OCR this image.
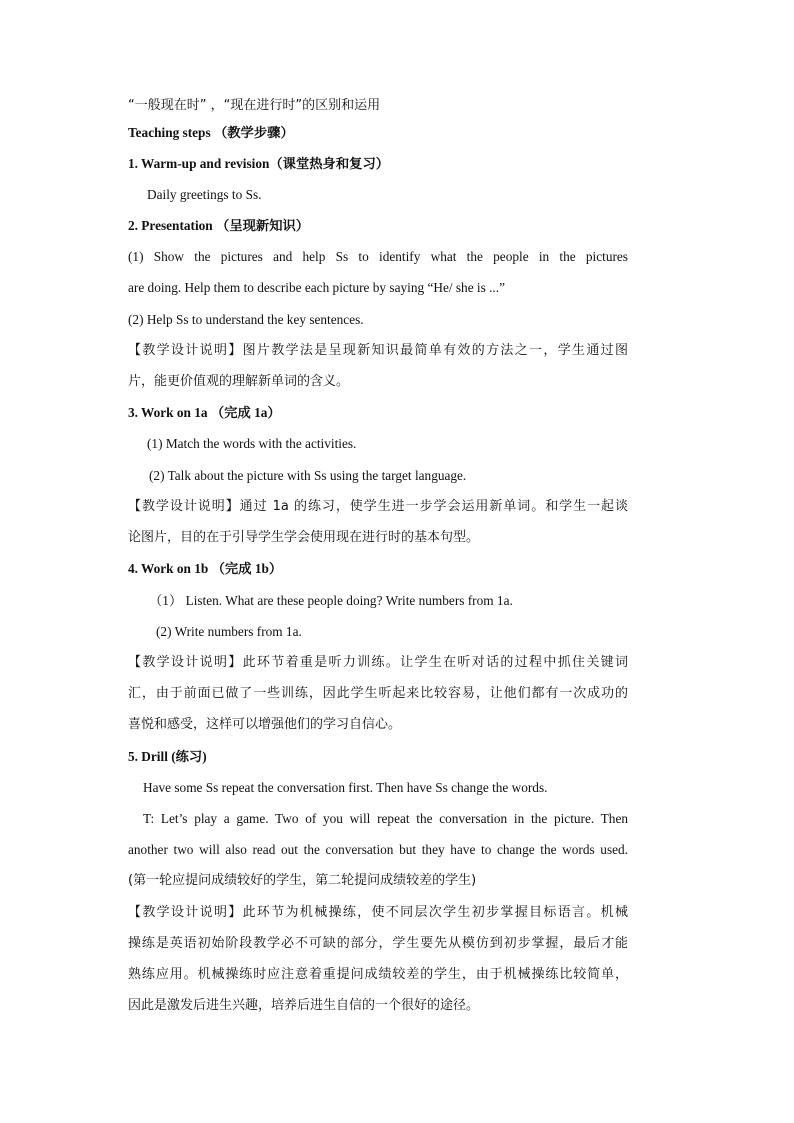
“一般现在时” ，“现在进行时”的区别和运用
Teaching steps （教学步骤）
1. Warm-up and revision（课堂热身和复习）
Daily greetings to Ss.
2. Presentation （呈现新知识）
(1) Show the pictures and help Ss to identify what the people in the pictures
are doing. Help them to describe each picture by saying “He/ she is ...”
(2) Help Ss to understand the key sentences.
【教学设计说明】图片教学法是呈现新知识最简单有效的方法之一，学生通过图
片，能更价值观的理解新单词的含义。
3. Work on 1a （完成 1a）
(1) Match the words with the activities.
(2) Talk about the picture with Ss using the target language.
【教学设计说明】通过 1a 的练习，使学生进一步学会运用新单词。和学生一起谈
论图片，目的在于引导学生学会使用现在进行时的基本句型。
4. Work on 1b （完成 1b）
（1） Listen. What are these people doing? Write numbers from 1a.
(2) Write numbers from 1a.
【教学设计说明】此环节着重是听力训练。让学生在听对话的过程中抓住关键词
汇，由于前面已做了一些训练，因此学生听起来比较容易，让他们都有一次成功的
喜悦和感受，这样可以增强他们的学习自信心。
5. Drill (练习)
Have some Ss repeat the conversation first. Then have Ss change the words.
T: Let’s play a game. Two of you will repeat the conversation in the picture. Then
another two will also read out the conversation but they have to change the words used.
(第一轮应提问成绩较好的学生，第二轮提问成绩较差的学生)
【教学设计说明】此环节为机械操练，使不同层次学生初步掌握目标语言。机械
操练是英语初始阶段教学必不可缺的部分，学生要先从模仿到初步掌握，最后才能
熟练应用。机械操练时应注意着重提问成绩较差的学生，由于机械操练比较简单，
因此是激发后进生兴趣，培养后进生自信的一个很好的途径。
